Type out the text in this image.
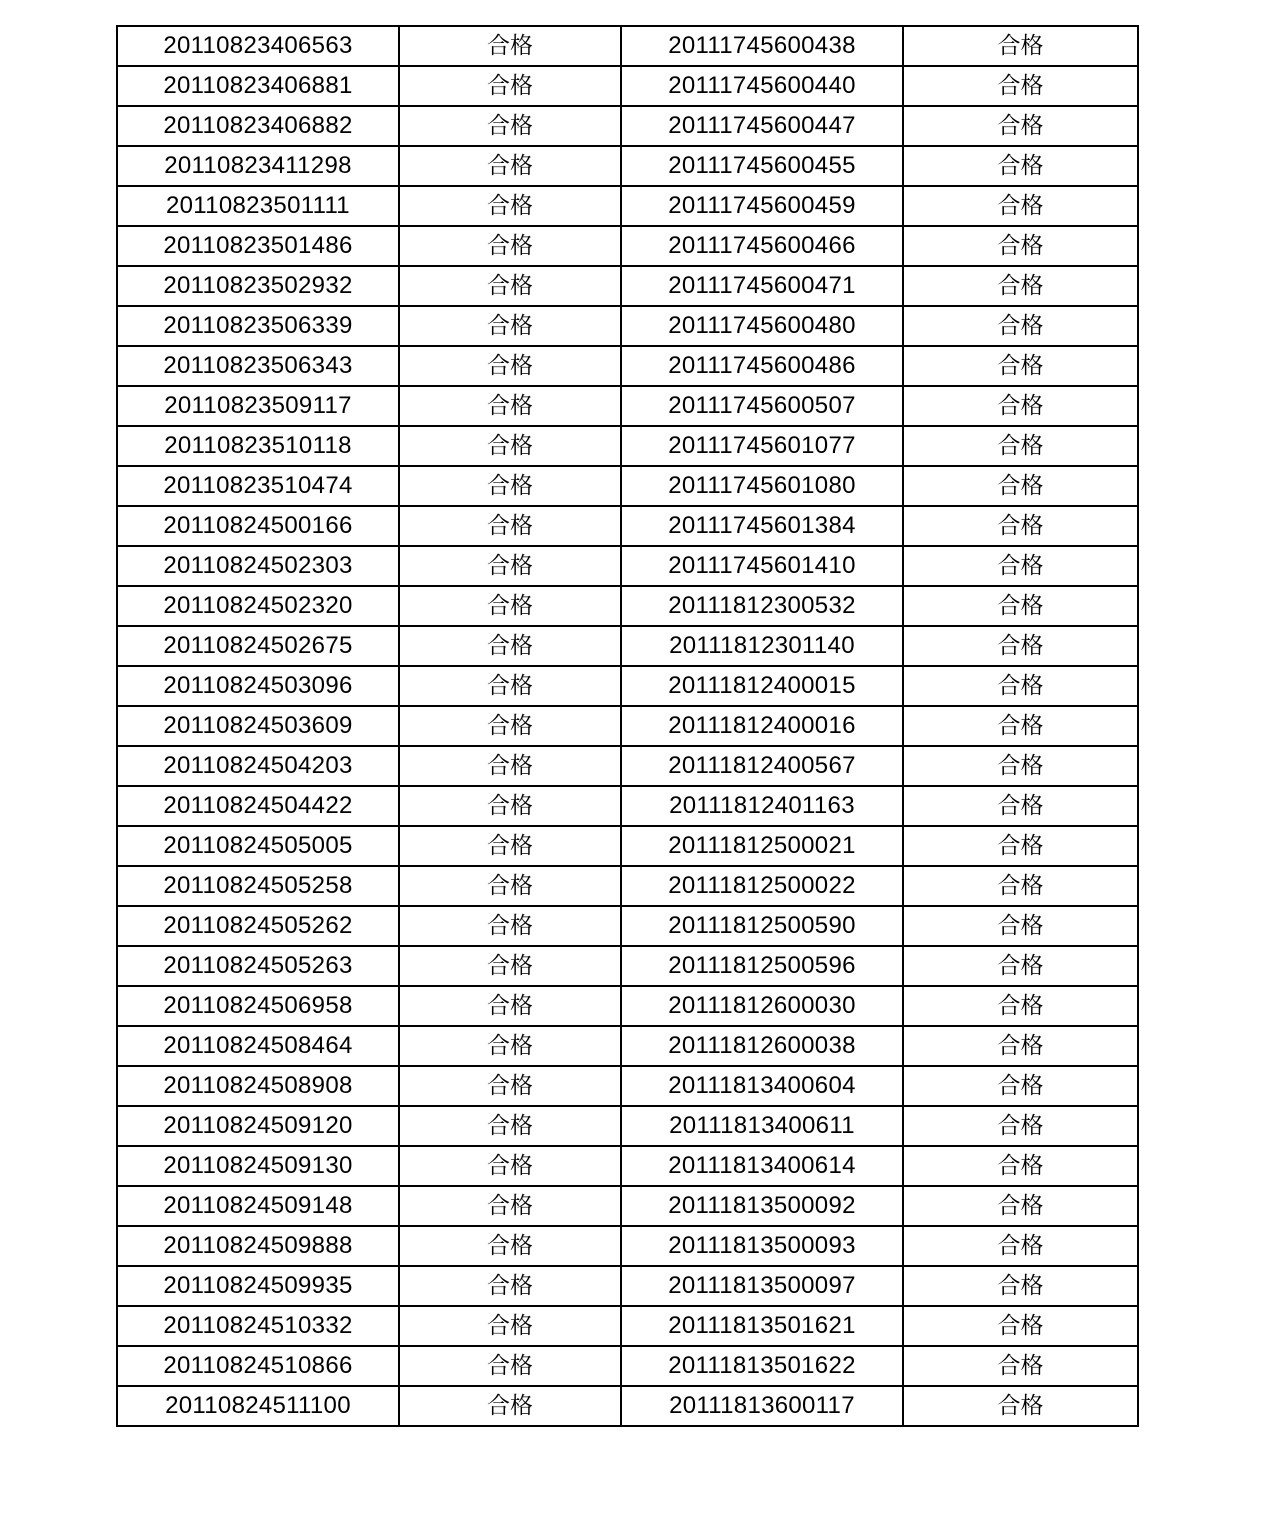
20110823406563	合格	20111745600438	合格
20110823406881	合格	20111745600440	合格
20110823406882	合格	20111745600447	合格
20110823411298	合格	20111745600455	合格
20110823501111	合格	20111745600459	合格
20110823501486	合格	20111745600466	合格
20110823502932	合格	20111745600471	合格
20110823506339	合格	20111745600480	合格
20110823506343	合格	20111745600486	合格
20110823509117	合格	20111745600507	合格
20110823510118	合格	20111745601077	合格
20110823510474	合格	20111745601080	合格
20110824500166	合格	20111745601384	合格
20110824502303	合格	20111745601410	合格
20110824502320	合格	20111812300532	合格
20110824502675	合格	20111812301140	合格
20110824503096	合格	20111812400015	合格
20110824503609	合格	20111812400016	合格
20110824504203	合格	20111812400567	合格
20110824504422	合格	20111812401163	合格
20110824505005	合格	20111812500021	合格
20110824505258	合格	20111812500022	合格
20110824505262	合格	20111812500590	合格
20110824505263	合格	20111812500596	合格
20110824506958	合格	20111812600030	合格
20110824508464	合格	20111812600038	合格
20110824508908	合格	20111813400604	合格
20110824509120	合格	20111813400611	合格
20110824509130	合格	20111813400614	合格
20110824509148	合格	20111813500092	合格
20110824509888	合格	20111813500093	合格
20110824509935	合格	20111813500097	合格
20110824510332	合格	20111813501621	合格
20110824510866	合格	20111813501622	合格
20110824511100	合格	20111813600117	合格
